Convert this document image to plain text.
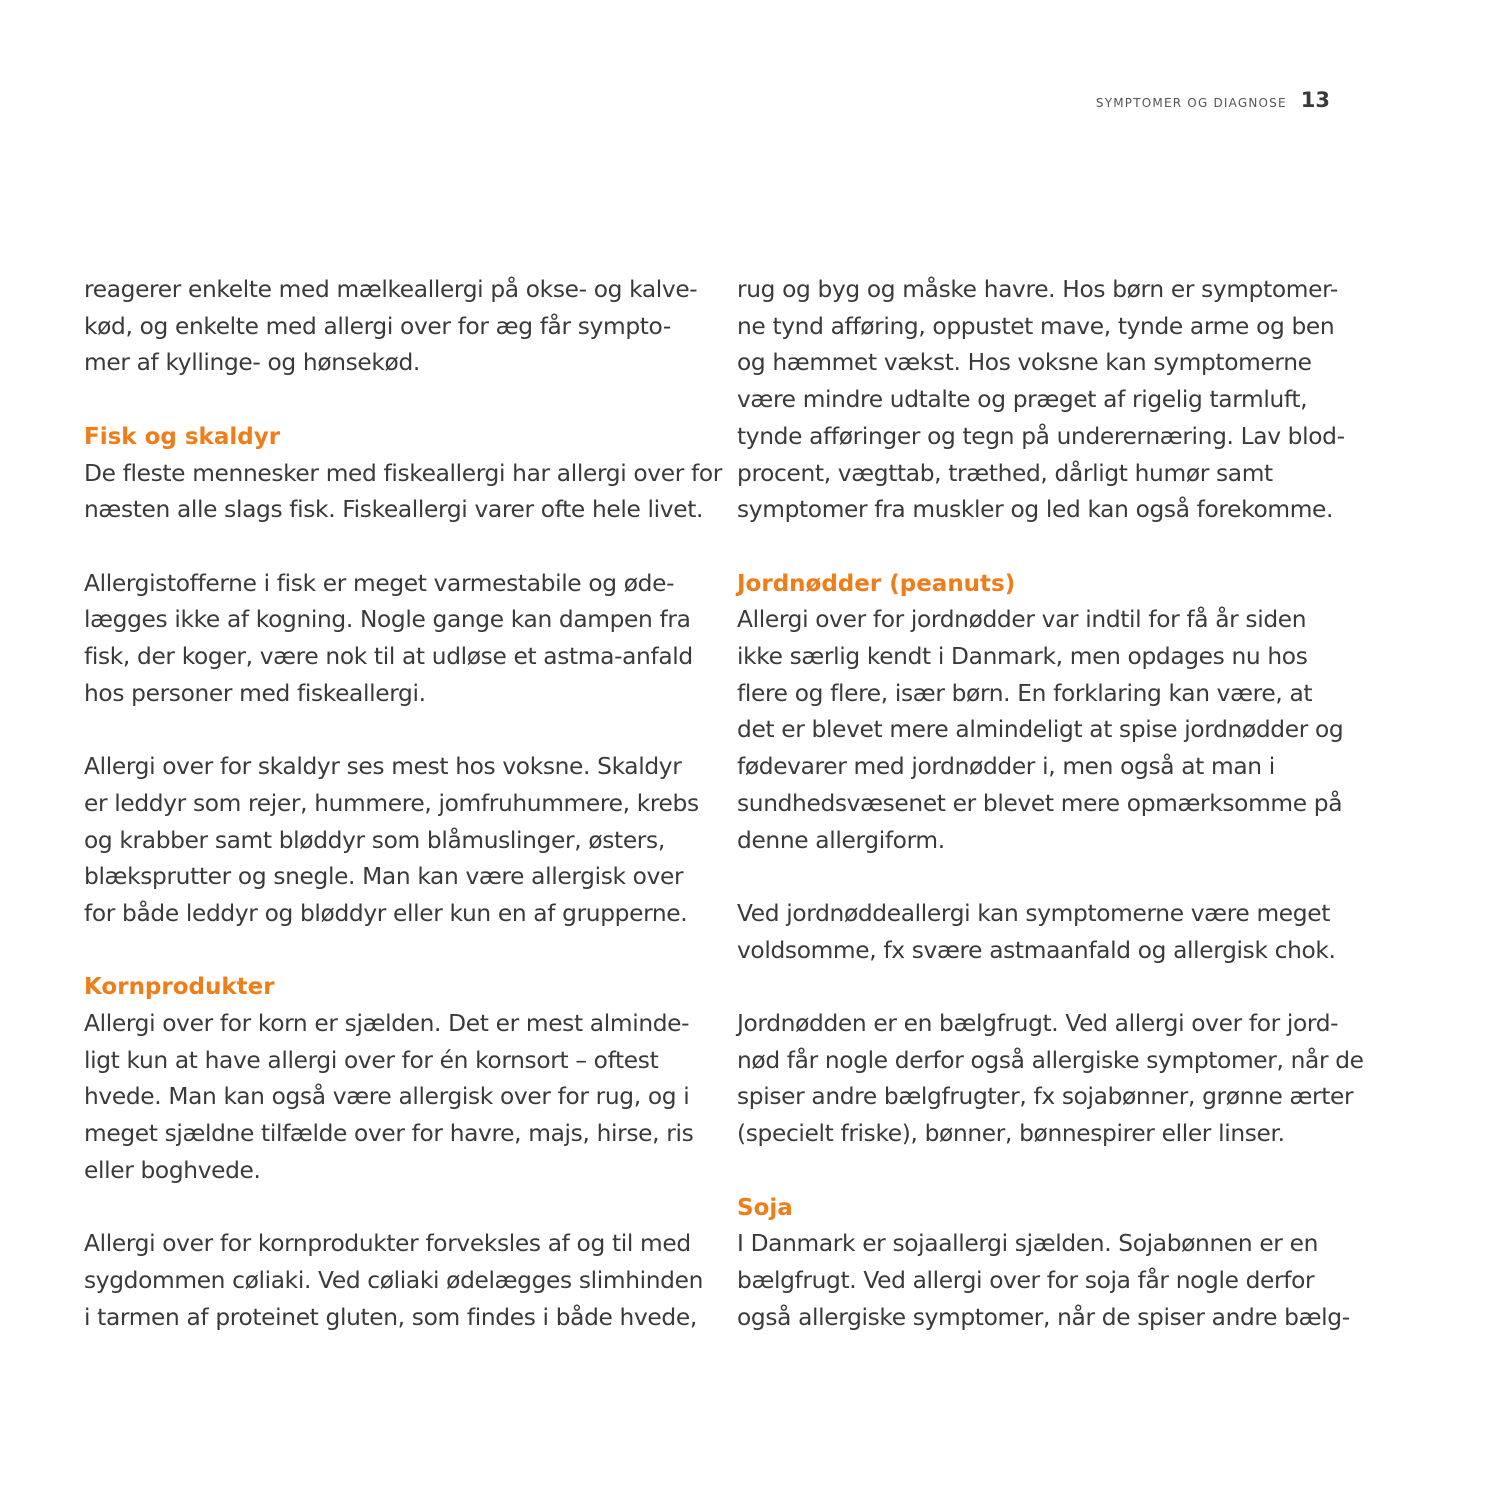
SYMPTOMER OG DIAGNOSE 13
reagerer enkelte med mælkeallergi på okse- og kalve-
kød, og enkelte med allergi over for æg får sympto-
mer af kyllinge- og hønsekød.
Fisk og skaldyr
De fleste mennesker med fiskeallergi har allergi over for
næsten alle slags fisk. Fiskeallergi varer ofte hele livet.
Allergistofferne i fisk er meget varmestabile og øde-
lægges ikke af kogning. Nogle gange kan dampen fra
fisk, der koger, være nok til at udløse et astma-anfald
hos personer med fiskeallergi.
Allergi over for skaldyr ses mest hos voksne. Skaldyr
er leddyr som rejer, hummere, jomfruhummere, krebs
og krabber samt bløddyr som blåmuslinger, østers,
blæksprutter og snegle. Man kan være allergisk over
for både leddyr og bløddyr eller kun en af grupperne.
Kornprodukter
Allergi over for korn er sjælden. Det er mest alminde-
ligt kun at have allergi over for én kornsort – oftest
hvede. Man kan også være allergisk over for rug, og i
meget sjældne tilfælde over for havre, majs, hirse, ris
eller boghvede.
Allergi over for kornprodukter forveksles af og til med
sygdommen cøliaki. Ved cøliaki ødelægges slimhinden
i tarmen af proteinet gluten, som findes i både hvede,
rug og byg og måske havre. Hos børn er symptomer-
ne tynd afføring, oppustet mave, tynde arme og ben
og hæmmet vækst. Hos voksne kan symptomerne
være mindre udtalte og præget af rigelig tarmluft,
tynde afføringer og tegn på underernæring. Lav blod-
procent, vægttab, træthed, dårligt humør samt
symptomer fra muskler og led kan også forekomme.
Jordnødder (peanuts)
Allergi over for jordnødder var indtil for få år siden
ikke særlig kendt i Danmark, men opdages nu hos
flere og flere, især børn. En forklaring kan være, at
det er blevet mere almindeligt at spise jordnødder og
fødevarer med jordnødder i, men også at man i
sundhedsvæsenet er blevet mere opmærksomme på
denne allergiform.
Ved jordnøddeallergi kan symptomerne være meget
voldsomme, fx svære astmaanfald og allergisk chok.
Jordnødden er en bælgfrugt. Ved allergi over for jord-
nød får nogle derfor også allergiske symptomer, når de
spiser andre bælgfrugter, fx sojabønner, grønne ærter
(specielt friske), bønner, bønnespirer eller linser.
Soja
I Danmark er sojaallergi sjælden. Sojabønnen er en
bælgfrugt. Ved allergi over for soja får nogle derfor
også allergiske symptomer, når de spiser andre bælg-
